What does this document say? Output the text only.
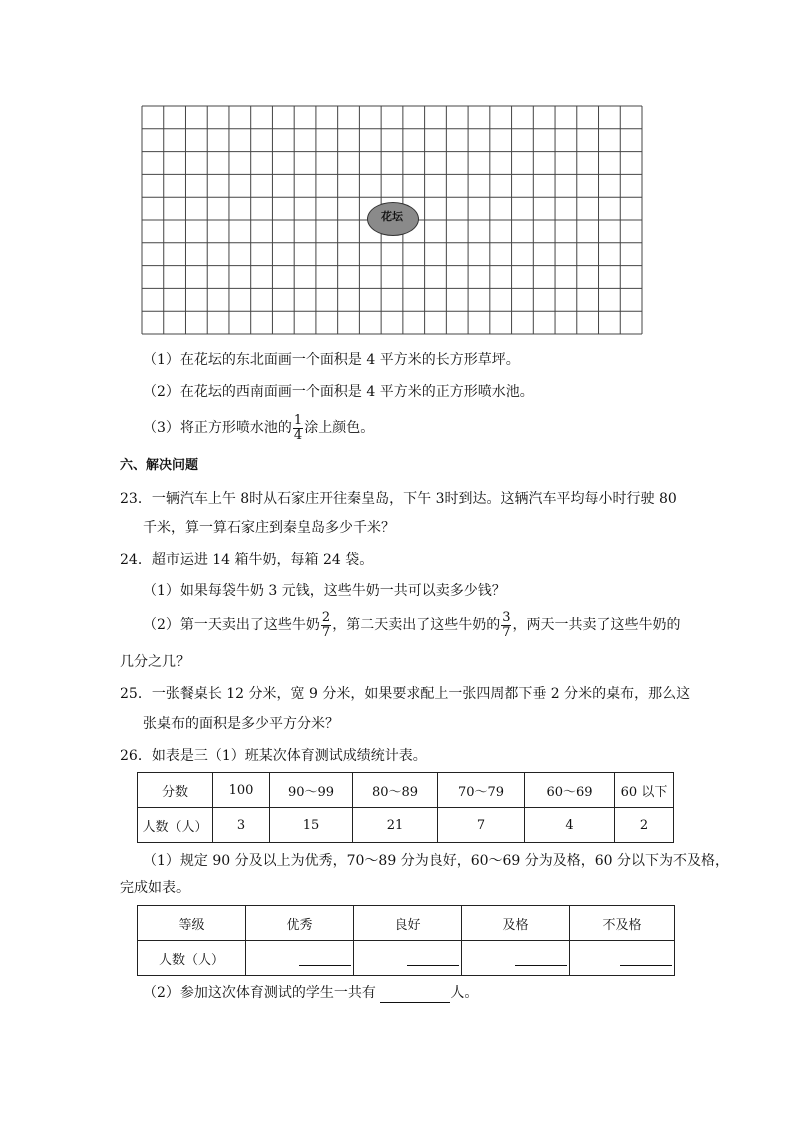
花坛
（1）在花坛的东北面画一个面积是 4 平方米的长方形草坪。
（2）在花坛的西南面画一个面积是 4 平方米的正方形喷水池。
（3）将正方形喷水池的 $\frac{1}{4}$ 涂上颜色。
六、解决问题
23．一辆汽车上午 8时从石家庄开往秦皇岛，下午 3时到达。这辆汽车平均每小时行驶 80
千米，算一算石家庄到秦皇岛多少千米？
24．超市运进 14 箱牛奶，每箱 24 袋。
（1）如果每袋牛奶 3 元钱，这些牛奶一共可以卖多少钱？
（2）第一天卖出了这些牛奶 $\frac{2}{7}$ ，第二天卖出了这些牛奶的 $\frac{3}{7}$ ，两天一共卖了这些牛奶的
几分之几？
25．一张餐桌长 12 分米，宽 9 分米，如果要求配上一张四周都下垂 2 分米的桌布，那么这
张桌布的面积是多少平方分米？
26．如表是三（1）班某次体育测试成绩统计表。
分数	100	90～99	80～89	70～79	60～69	60 以下
人数（人）	3	15	21	7	4	2
（1）规定 90 分及以上为优秀，70～89 分为良好，60～69 分为及格，60 分以下为不及格，
完成如表。
等级	优秀	良好	及格	不及格
人数（人）				
（2）参加这次体育测试的学生一共有	人。
